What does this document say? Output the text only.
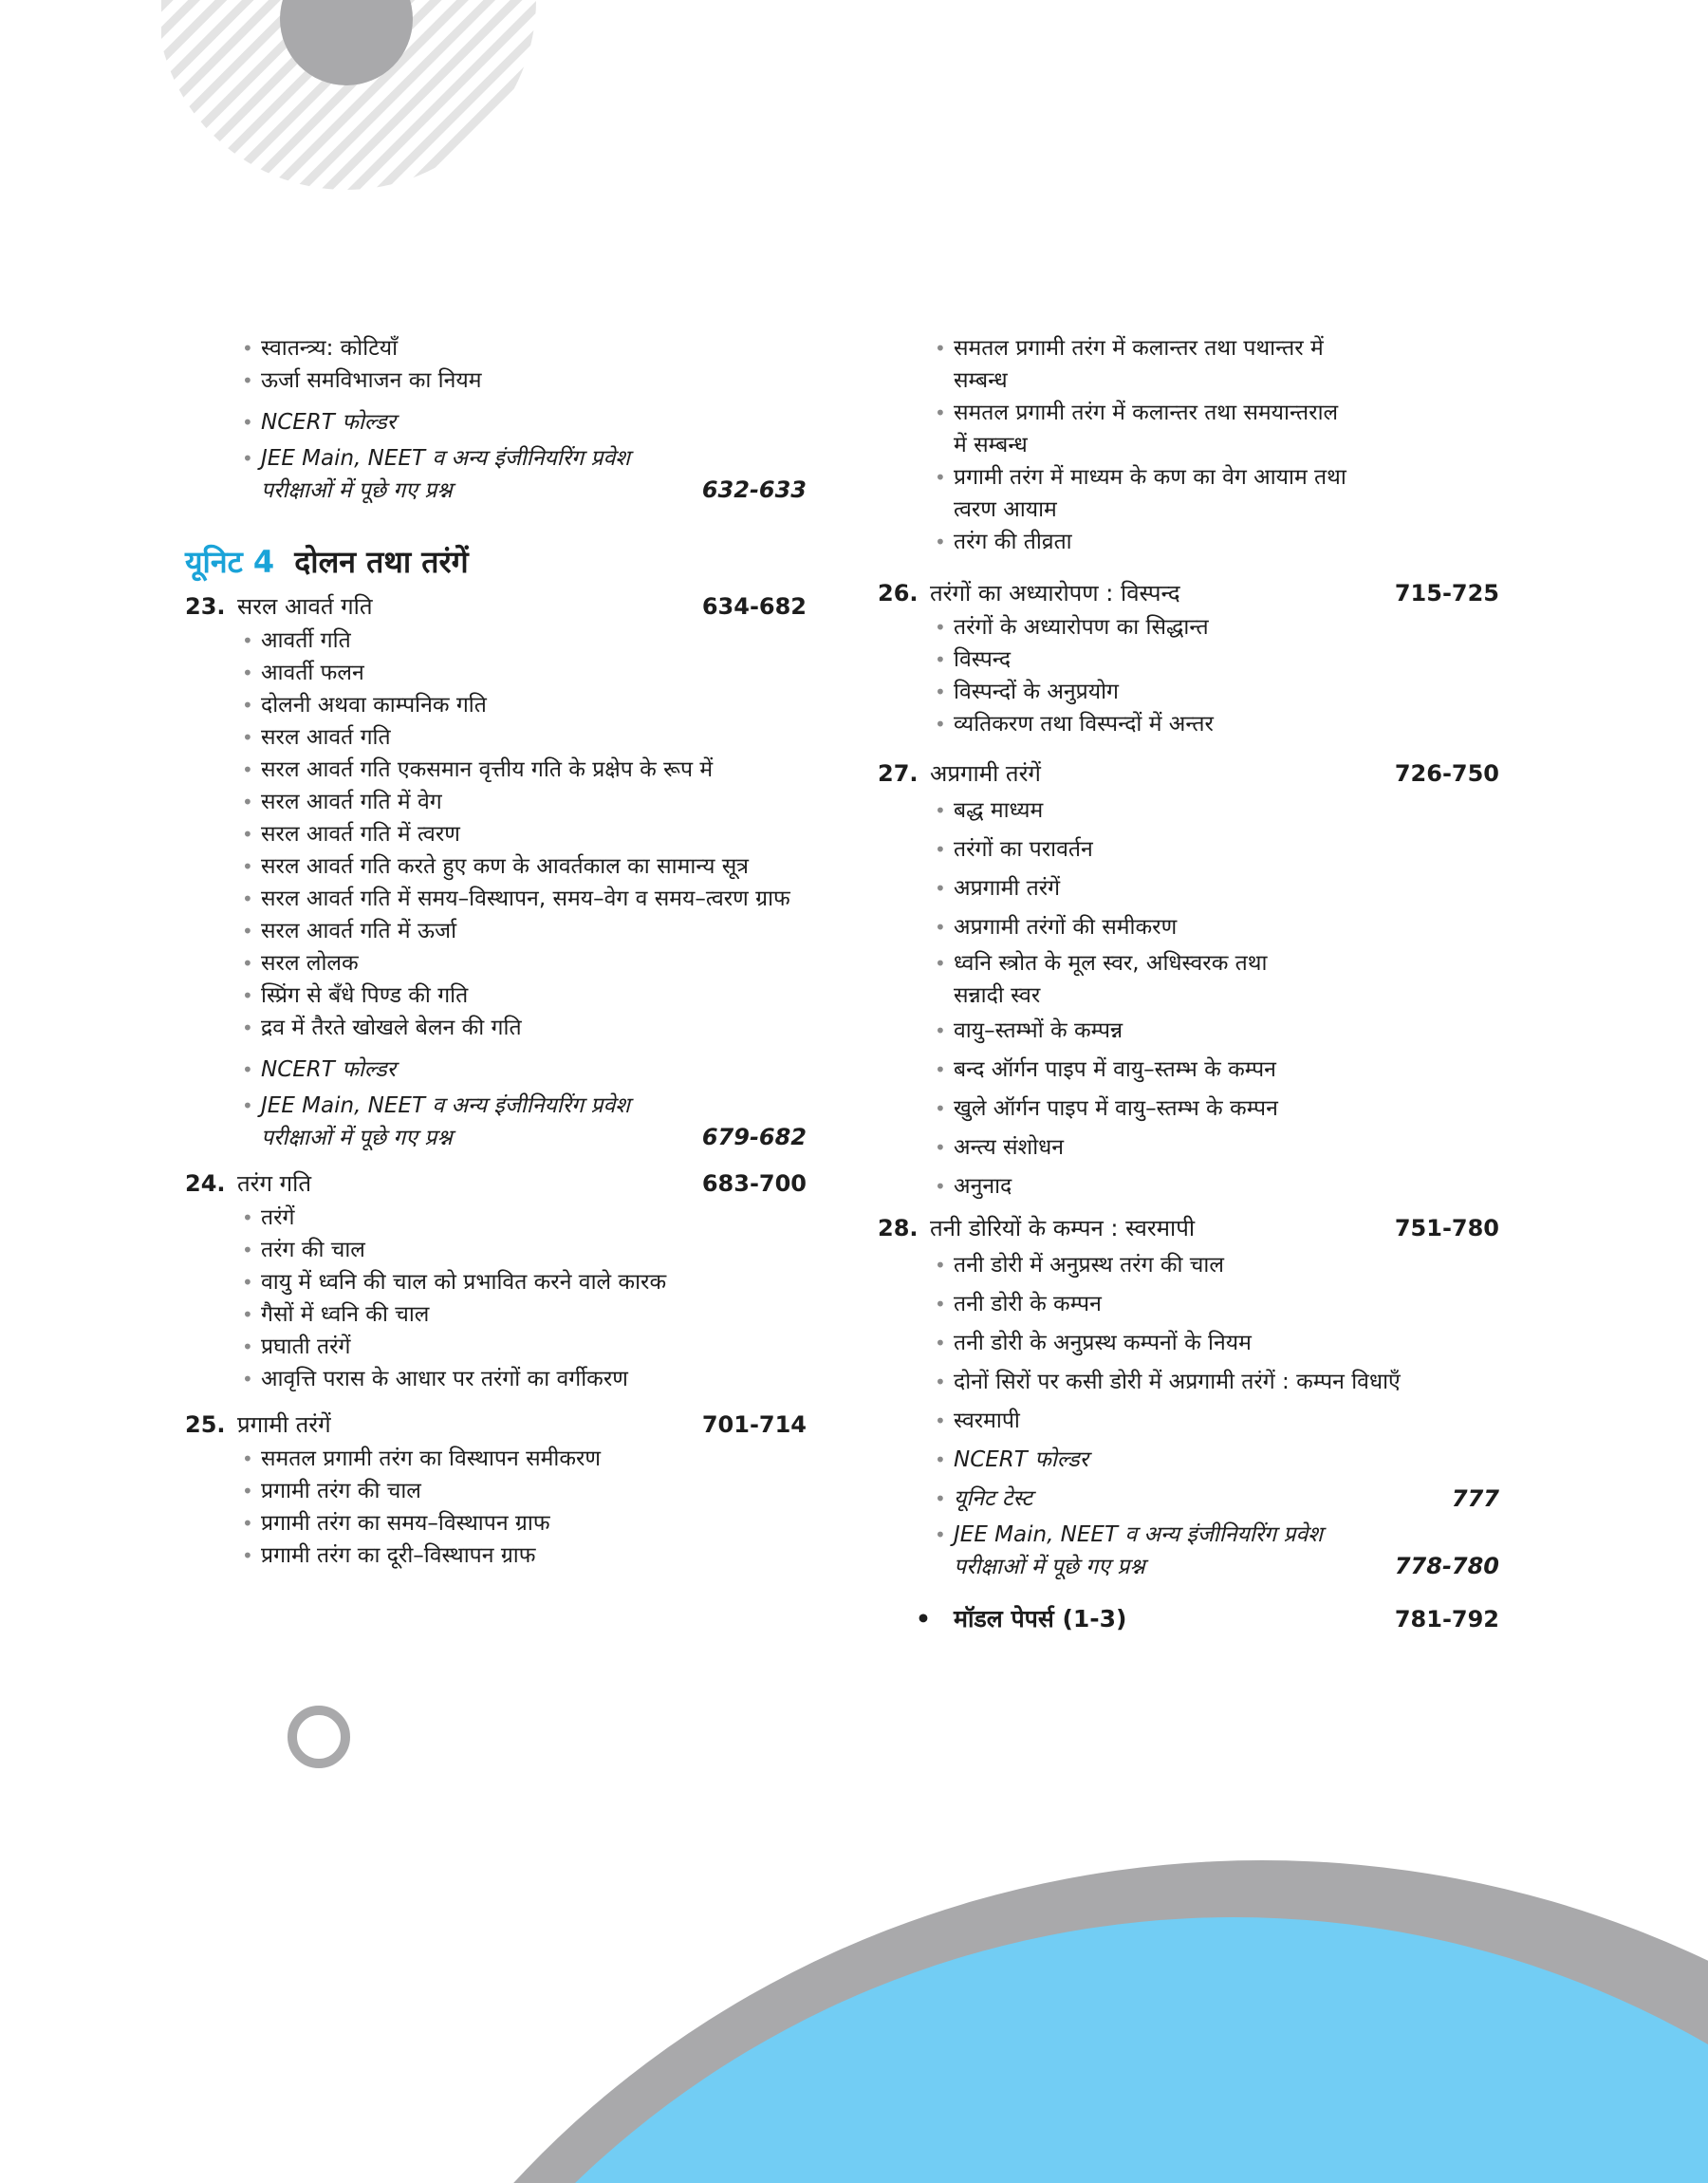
• स्वातन्त्र्य: कोटियाँ
• ऊर्जा समविभाजन का नियम
• NCERT फोल्डर
• JEE Main, NEET व अन्य इंजीनियरिंग प्रवेश परीक्षाओं में पूछे गए प्रश्न	632-633
यूनिट 4 दोलन तथा तरंगें
23. सरल आवर्त गति	634-682
• आवर्ती गति
• आवर्ती फलन
• दोलनी अथवा काम्पनिक गति
• सरल आवर्त गति
• सरल आवर्त गति एकसमान वृत्तीय गति के प्रक्षेप के रूप में
• सरल आवर्त गति में वेग
• सरल आवर्त गति में त्वरण
• सरल आवर्त गति करते हुए कण के आवर्तकाल का सामान्य सूत्र
• सरल आवर्त गति में समय–विस्थापन, समय–वेग व समय–त्वरण ग्राफ
• सरल आवर्त गति में ऊर्जा
• सरल लोलक
• स्प्रिंग से बँधे पिण्ड की गति
• द्रव में तैरते खोखले बेलन की गति
• NCERT फोल्डर
• JEE Main, NEET व अन्य इंजीनियरिंग प्रवेश परीक्षाओं में पूछे गए प्रश्न	679-682
24. तरंग गति	683-700
• तरंगें
• तरंग की चाल
• वायु में ध्वनि की चाल को प्रभावित करने वाले कारक
• गैसों में ध्वनि की चाल
• प्रघाती तरंगें
• आवृत्ति परास के आधार पर तरंगों का वर्गीकरण
25. प्रगामी तरंगें	701-714
• समतल प्रगामी तरंग का विस्थापन समीकरण
• प्रगामी तरंग की चाल
• प्रगामी तरंग का समय–विस्थापन ग्राफ
• प्रगामी तरंग का दूरी–विस्थापन ग्राफ
• समतल प्रगामी तरंग में कलान्तर तथा पथान्तर में सम्बन्ध
• समतल प्रगामी तरंग में कलान्तर तथा समयान्तराल में सम्बन्ध
• प्रगामी तरंग में माध्यम के कण का वेग आयाम तथा त्वरण आयाम
• तरंग की तीव्रता
26. तरंगों का अध्यारोपण : विस्पन्द	715-725
• तरंगों के अध्यारोपण का सिद्धान्त
• विस्पन्द
• विस्पन्दों के अनुप्रयोग
• व्यतिकरण तथा विस्पन्दों में अन्तर
27. अप्रगामी तरंगें	726-750
• बद्ध माध्यम
• तरंगों का परावर्तन
• अप्रगामी तरंगें
• अप्रगामी तरंगों की समीकरण
• ध्वनि स्त्रोत के मूल स्वर, अधिस्वरक तथा सन्नादी स्वर
• वायु–स्तम्भों के कम्पन्न
• बन्द ऑर्गन पाइप में वायु–स्तम्भ के कम्पन
• खुले ऑर्गन पाइप में वायु–स्तम्भ के कम्पन
• अन्त्य संशोधन
• अनुनाद
28. तनी डोरियों के कम्पन : स्वरमापी	751-780
• तनी डोरी में अनुप्रस्थ तरंग की चाल
• तनी डोरी के कम्पन
• तनी डोरी के अनुप्रस्थ कम्पनों के नियम
• दोनों सिरों पर कसी डोरी में अप्रगामी तरंगें : कम्पन विधाएँ
• स्वरमापी
• NCERT फोल्डर
• यूनिट टेस्ट	777
• JEE Main, NEET व अन्य इंजीनियरिंग प्रवेश परीक्षाओं में पूछे गए प्रश्न	778-780
• मॉडल पेपर्स (1-3)	781-792
